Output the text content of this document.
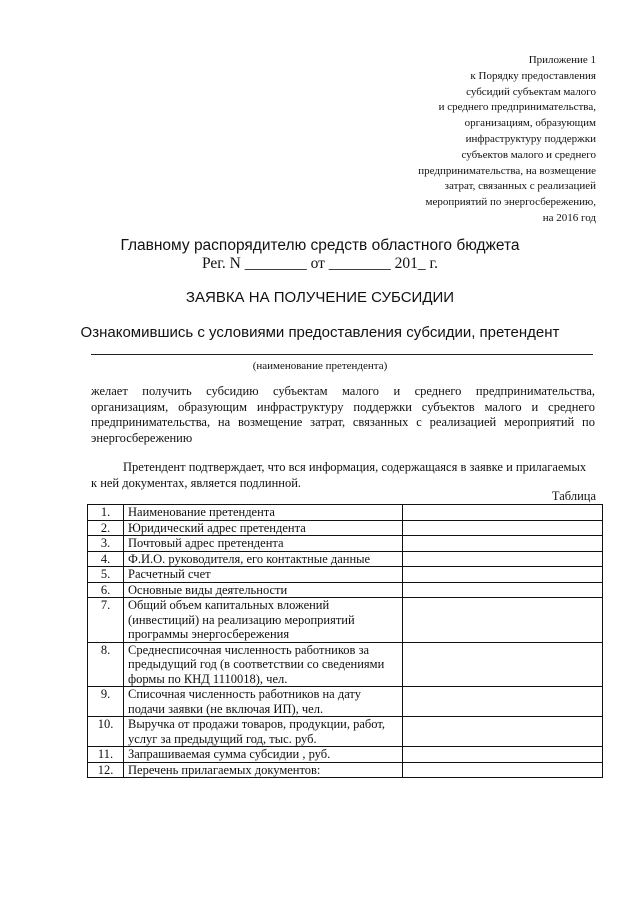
Приложение 1
к Порядку предоставления
субсидий субъектам малого
и среднего предпринимательства,
организациям, образующим
инфраструктуру поддержки
субъектов малого и среднего
предпринимательства, на возмещение
затрат, связанных с реализацией
мероприятий по энергосбережению,
на 2016 год
Главному распорядителю средств областного бюджета
Рег. N ________ от ________ 201_ г.
ЗАЯВКА НА ПОЛУЧЕНИЕ СУБСИДИИ
Ознакомившись с условиями предоставления субсидии, претендент
(наименование претендента)
желает получить субсидию субъектам малого и среднего предпринимательства, организациям, образующим инфраструктуру поддержки субъектов малого и среднего предпринимательства, на возмещение затрат, связанных с реализацией мероприятий по энергосбережению
Претендент подтверждает, что вся информация, содержащаяся в заявке и прилагаемых к ней документах, является подлинной.
Таблица
1.	Наименование претендента	
2.	Юридический адрес претендента	
3.	Почтовый адрес претендента	
4.	Ф.И.О. руководителя, его контактные данные	
5.	Расчетный счет	
6.	Основные виды деятельности	
7.	Общий объем капитальных вложений (инвестиций) на реализацию мероприятий программы энергосбережения	
8.	Среднесписочная численность работников за предыдущий год (в соответствии со сведениями формы по КНД 1110018), чел.	
9.	Списочная численность работников на дату подачи заявки (не включая ИП), чел.	
10.	Выручка от продажи товаров, продукции, работ, услуг за предыдущий год, тыс. руб.	
11.	Запрашиваемая сумма субсидии , руб.	
12.	Перечень прилагаемых документов:	
